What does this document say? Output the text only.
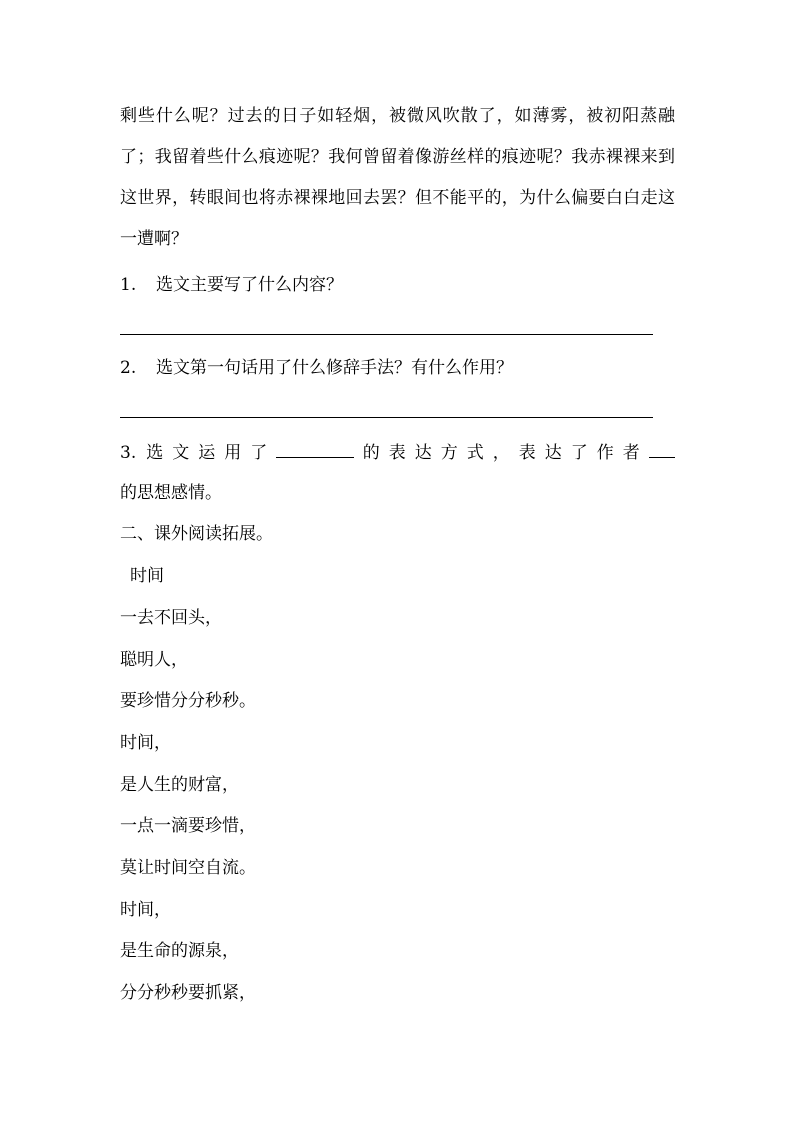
剩些什么呢？过去的日子如轻烟，被微风吹散了，如薄雾，被初阳蒸融了；我留着些什么痕迹呢？我何曾留着像游丝样的痕迹呢？我赤裸裸来到这世界，转眼间也将赤裸裸地回去罢？但不能平的，为什么偏要白白走这一遭啊？
1. 选文主要写了什么内容？
2. 选文第一句话用了什么修辞手法？有什么作用？
3. 选文运用了	的表达方式，表达了作者
的思想感情。
二、课外阅读拓展。
时间
一去不回头，
聪明人，
要珍惜分分秒秒。
时间，
是人生的财富，
一点一滴要珍惜，
莫让时间空自流。
时间，
是生命的源泉，
分分秒秒要抓紧，
